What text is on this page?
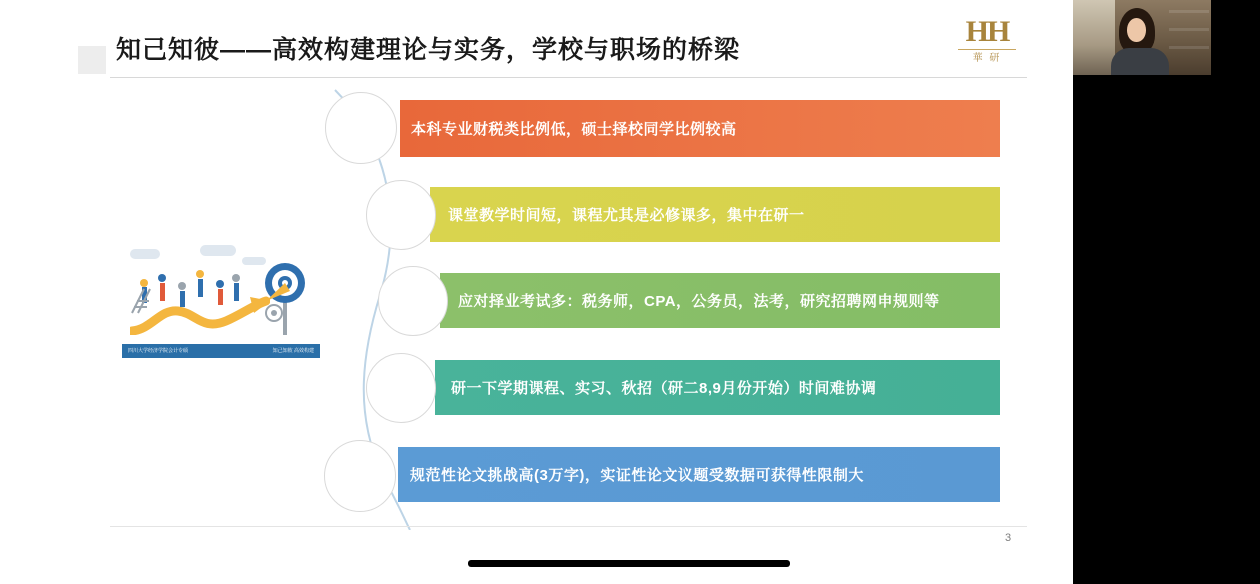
知己知彼——高效构建理论与实务，学校与职场的桥梁
HH
華 研
四川大学经济学院会计专硕	知己知彼 高效构建
本科专业财税类比例低，硕士择校同学比例较高
课堂教学时间短，课程尤其是必修课多，集中在研一
应对择业考试多：税务师，CPA，公务员，法考，研究招聘网申规则等
研一下学期课程、实习、秋招（研二8,9月份开始）时间难协调
规范性论文挑战高(3万字)，实证性论文议题受数据可获得性限制大
3
